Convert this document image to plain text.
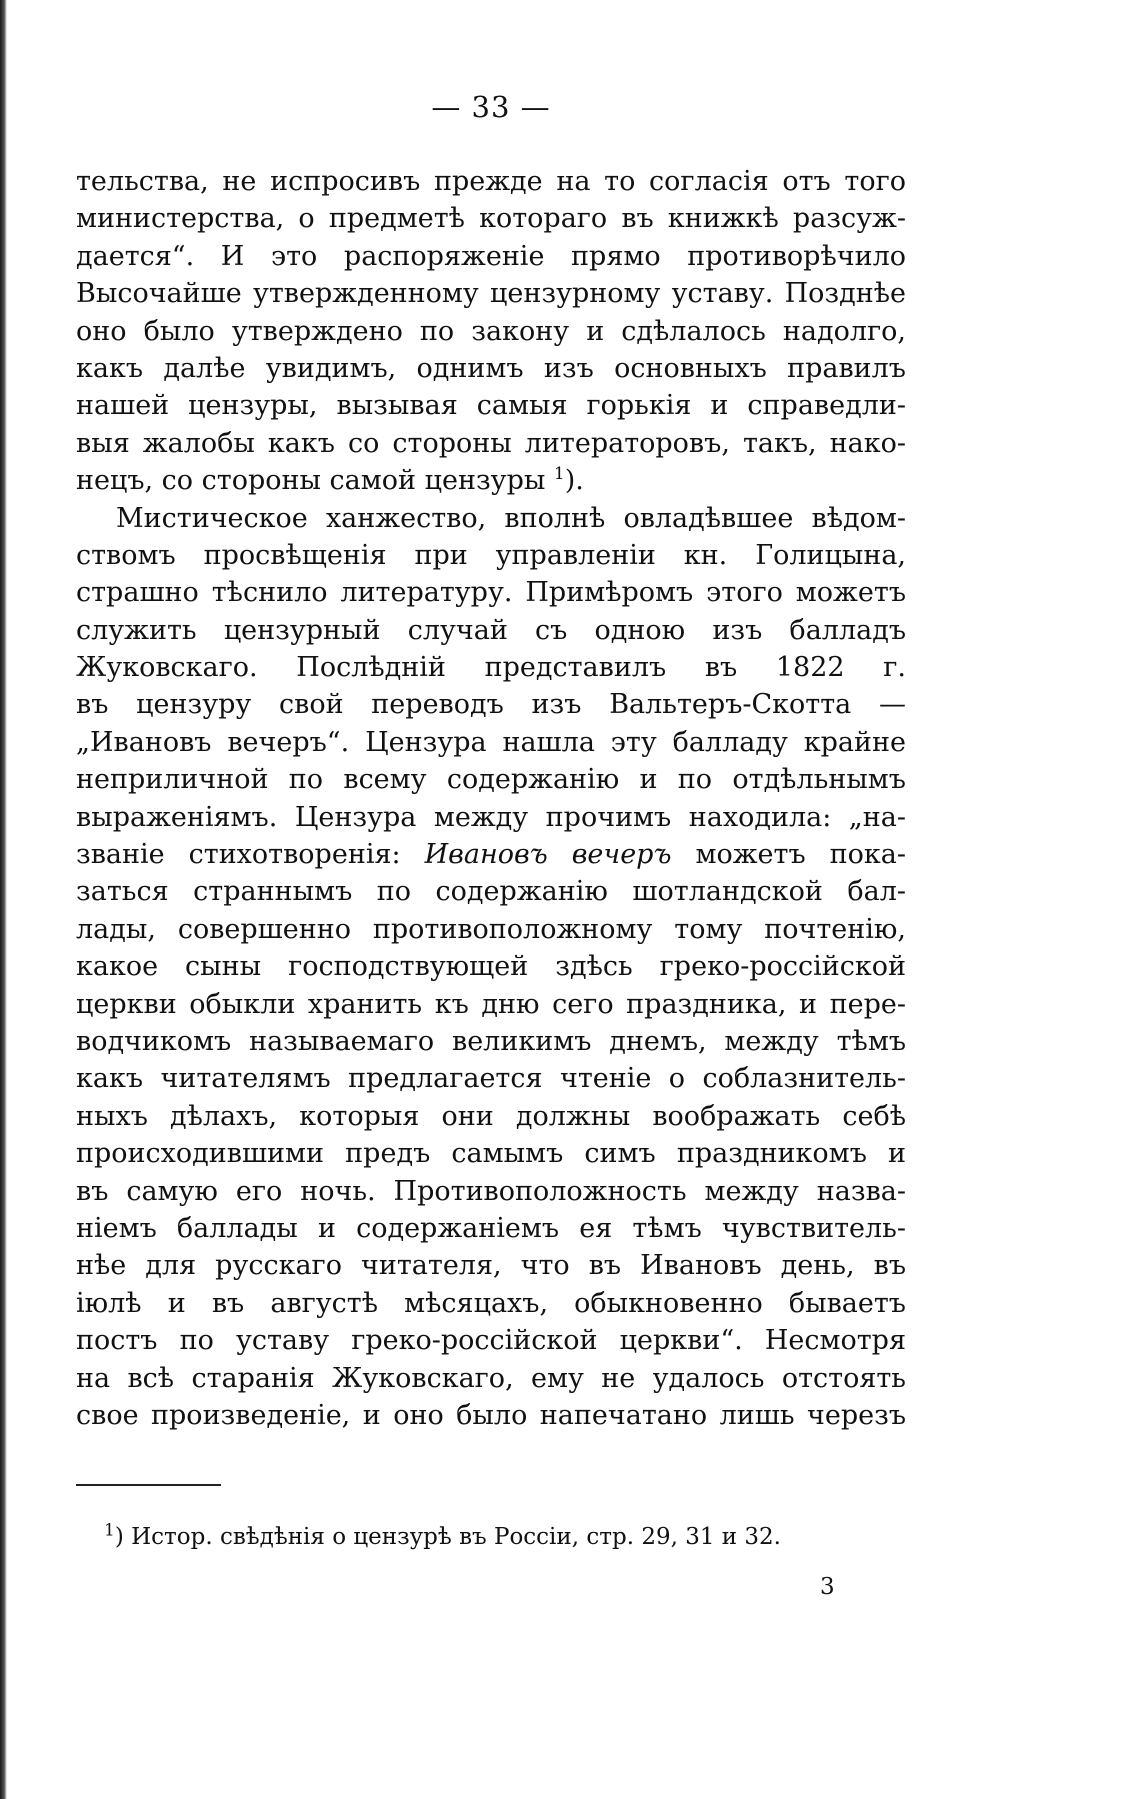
— 33 —
тельства, не испросивъ прежде на то согласія отъ того
министерства, о предметѣ котораго въ книжкѣ разсуж-
дается“. И это распоряженіе прямо противорѣчило
Высочайше утвержденному цензурному уставу. Позднѣе
оно было утверждено по закону и сдѣлалось надолго,
какъ далѣе увидимъ, однимъ изъ основныхъ правилъ
нашей цензуры, вызывая самыя горькія и справедли-
выя жалобы какъ со стороны литераторовъ, такъ, нако-
нецъ, со стороны самой цензуры $^1$).
Мистическое ханжество, вполнѣ овладѣвшее вѣдом-
ствомъ просвѣщенія при управленіи кн. Голицына,
страшно тѣснило литературу. Примѣромъ этого можетъ
служить цензурный случай съ одною изъ балладъ
Жуковскаго. Послѣдній представилъ въ 1822 г.
въ цензуру свой переводъ изъ Вальтеръ-Скотта —
„Ивановъ вечеръ“. Цензура нашла эту балладу крайне
неприличной по всему содержанію и по отдѣльнымъ
выраженіямъ. Цензура между прочимъ находила: „на-
званіе стихотворенія: Ивановъ вечеръ можетъ пока-
заться страннымъ по содержанію шотландской бал-
лады, совершенно противоположному тому почтенію,
какое сыны господствующей здѣсь греко-россійской
церкви обыкли хранить къ дню сего праздника, и пере-
водчикомъ называемаго великимъ днемъ, между тѣмъ
какъ читателямъ предлагается чтеніе о соблазнитель-
ныхъ дѣлахъ, которыя они должны воображать себѣ
происходившими предъ самымъ симъ праздникомъ и
въ самую его ночь. Противоположность между назва-
ніемъ баллады и содержаніемъ ея тѣмъ чувствитель-
нѣе для русскаго читателя, что въ Ивановъ день, въ
іюлѣ и въ августѣ мѣсяцахъ, обыкновенно бываетъ
постъ по уставу греко-россійской церкви“. Несмотря
на всѣ старанія Жуковскаго, ему не удалось отстоять
свое произведеніе, и оно было напечатано лишь черезъ
$^1$) Истор. свѣдѣнія о цензурѣ въ Россіи, стр. 29, 31 и 32.
3
